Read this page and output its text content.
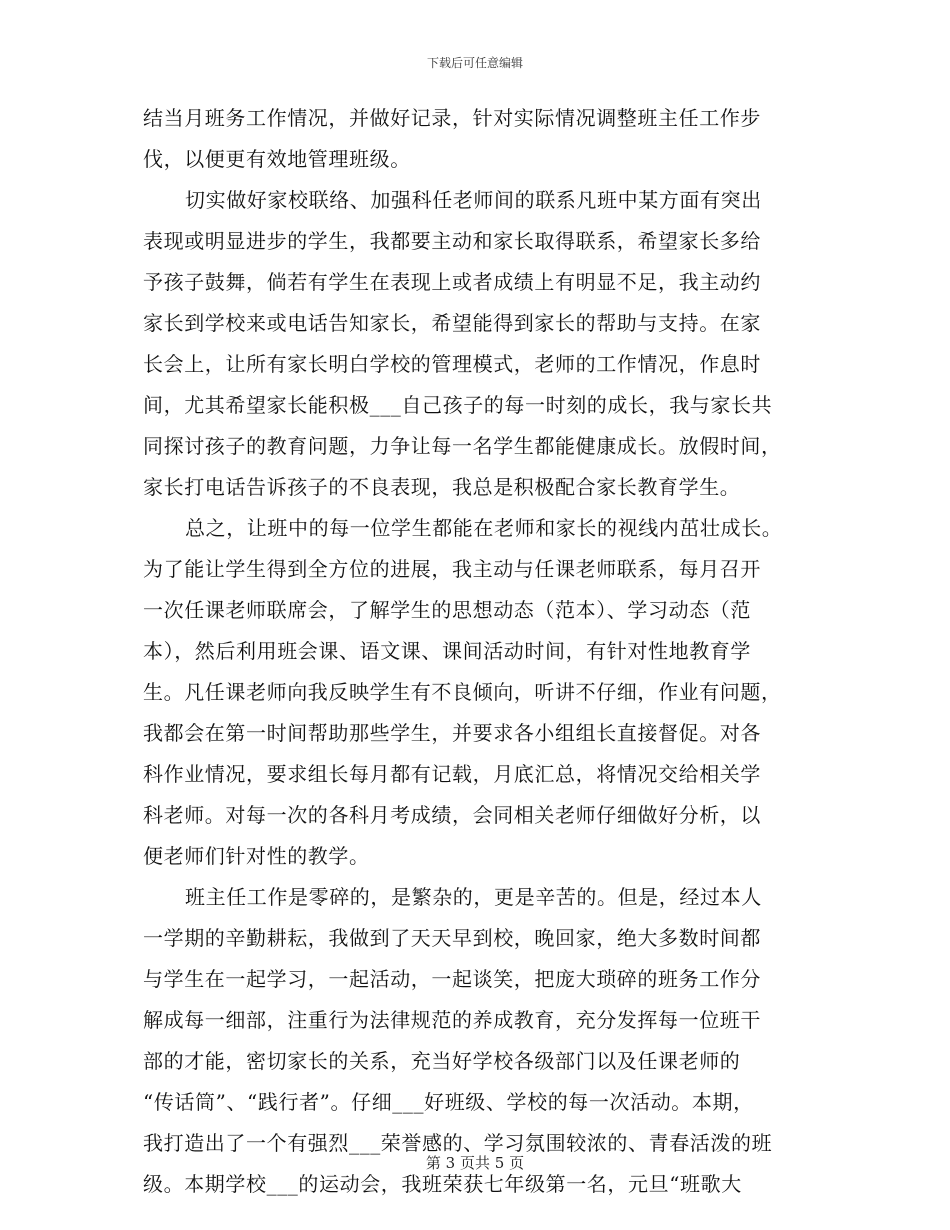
下载后可任意编辑
结当月班务工作情况，并做好记录，针对实际情况调整班主任工作步
伐，以便更有效地管理班级。
切实做好家校联络、加强科任老师间的联系凡班中某方面有突出
表现或明显进步的学生，我都要主动和家长取得联系，希望家长多给
予孩子鼓舞，倘若有学生在表现上或者成绩上有明显不足，我主动约
家长到学校来或电话告知家长，希望能得到家长的帮助与支持。在家
长会上，让所有家长明白学校的管理模式，老师的工作情况，作息时
间，尤其希望家长能积极___自己孩子的每一时刻的成长，我与家长共
同探讨孩子的教育问题，力争让每一名学生都能健康成长。放假时间，
家长打电话告诉孩子的不良表现，我总是积极配合家长教育学生。
总之，让班中的每一位学生都能在老师和家长的视线内茁壮成长。
为了能让学生得到全方位的进展，我主动与任课老师联系，每月召开
一次任课老师联席会，了解学生的思想动态（范本）、学习动态（范
本），然后利用班会课、语文课、课间活动时间，有针对性地教育学
生。凡任课老师向我反映学生有不良倾向，听讲不仔细，作业有问题，
我都会在第一时间帮助那些学生，并要求各小组组长直接督促。对各
科作业情况，要求组长每月都有记载，月底汇总，将情况交给相关学
科老师。对每一次的各科月考成绩，会同相关老师仔细做好分析，以
便老师们针对性的教学。
班主任工作是零碎的，是繁杂的，更是辛苦的。但是，经过本人
一学期的辛勤耕耘，我做到了天天早到校，晚回家，绝大多数时间都
与学生在一起学习，一起活动，一起谈笑，把庞大琐碎的班务工作分
解成每一细部，注重行为法律规范的养成教育，充分发挥每一位班干
部的才能，密切家长的关系，充当好学校各级部门以及任课老师的
“传话筒”、“践行者”。仔细___好班级、学校的每一次活动。本期，
我打造出了一个有强烈___荣誉感的、学习氛围较浓的、青春活泼的班
级。本期学校___的运动会，我班荣获七年级第一名，元旦“班歌大
第 3 页共 5 页
